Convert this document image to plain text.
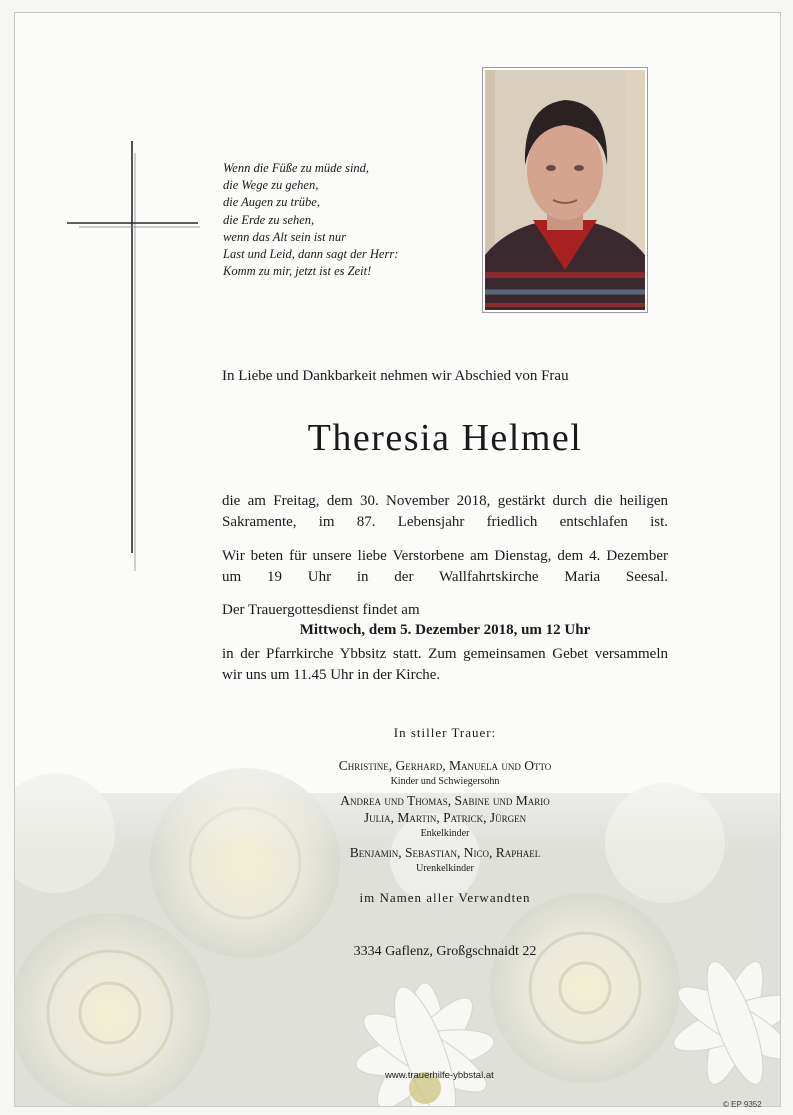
Wenn die Füße zu müde sind,
die Wege zu gehen,
die Augen zu trübe,
die Erde zu sehen,
wenn das Alt sein ist nur
Last und Leid, dann sagt der Herr:
Komm zu mir, jetzt ist es Zeit!
In Liebe und Dankbarkeit nehmen wir Abschied von Frau
Theresia Helmel
die am Freitag, dem 30. November 2018, gestärkt durch die heiligen Sakramente, im 87. Lebensjahr friedlich entschlafen ist.
Wir beten für unsere liebe Verstorbene am Dienstag, dem 4. Dezember um 19 Uhr in der Wallfahrtskirche Maria Seesal.
Der Trauergottesdienst findet am
Mittwoch, dem 5. Dezember 2018, um 12 Uhr
in der Pfarrkirche Ybbsitz statt. Zum gemeinsamen Gebet versammeln wir uns um 11.45 Uhr in der Kirche.
In stiller Trauer:
Christine, Gerhard, Manuela und Otto
Kinder und Schwiegersohn
Andrea und Thomas, Sabine und Mario
Julia, Martin, Patrick, Jürgen
Enkelkinder
Benjamin, Sebastian, Nico, Raphael
Urenkelkinder
im Namen aller Verwandten
3334 Gaflenz, Großgschnaidt 22
www.trauerhilfe-ybbstal.at
© EP 9352
